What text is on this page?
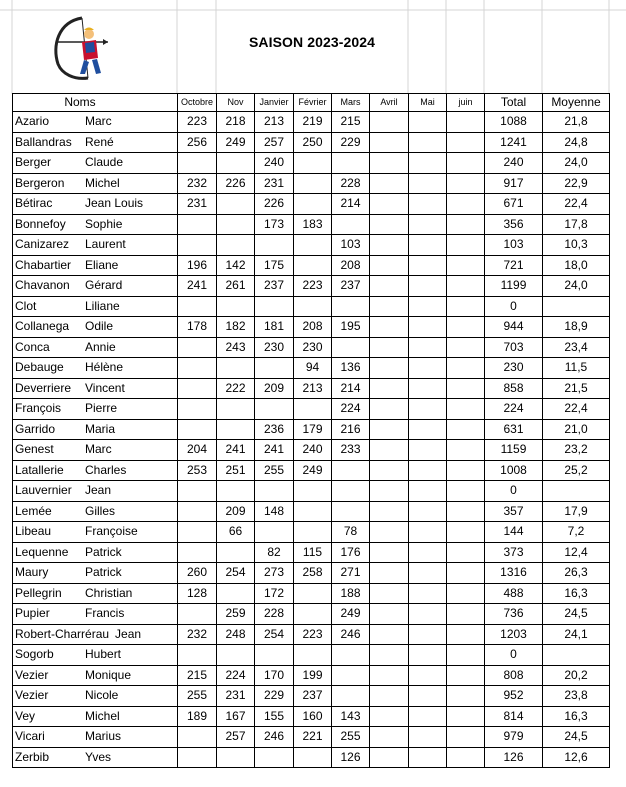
SAISON 2023-2024
Noms	Octobre	Nov	Janvier	Février	Mars	Avril	Mai	juin	Total	Moyenne
Azario Marc	223	218	213	219	215				1088	21,8
Ballandras René	256	249	257	250	229				1241	24,8
Berger Claude			240						240	24,0
Bergeron Michel	232	226	231		228				917	22,9
Bétirac Jean Louis	231		226		214				671	22,4
Bonnefoy Sophie			173	183					356	17,8
Canizarez Laurent					103				103	10,3
Chabartier Eliane	196	142	175		208				721	18,0
Chavanon Gérard	241	261	237	223	237				1199	24,0
Clot Liliane									0	
Collanega Odile	178	182	181	208	195				944	18,9
Conca Annie		243	230	230					703	23,4
Debauge Hélène				94	136				230	11,5
Deverriere Vincent		222	209	213	214				858	21,5
François Pierre					224				224	22,4
Garrido Maria			236	179	216				631	21,0
Genest Marc	204	241	241	240	233				1159	23,2
Latallerie Charles	253	251	255	249					1008	25,2
Lauvernier Jean									0	
Lemée Gilles		209	148						357	17,9
Libeau Françoise		66			78				144	7,2
Lequenne Patrick			82	115	176				373	12,4
Maury Patrick	260	254	273	258	271				1316	26,3
Pellegrin Christian	128		172		188				488	16,3
Pupier Francis		259	228		249				736	24,5
Robert-Charrérau Jean	232	248	254	223	246				1203	24,1
Sogorb Hubert									0	
Vezier Monique	215	224	170	199					808	20,2
Vezier Nicole	255	231	229	237					952	23,8
Vey Michel	189	167	155	160	143				814	16,3
Vicari Marius		257	246	221	255				979	24,5
Zerbib Yves					126				126	12,6
